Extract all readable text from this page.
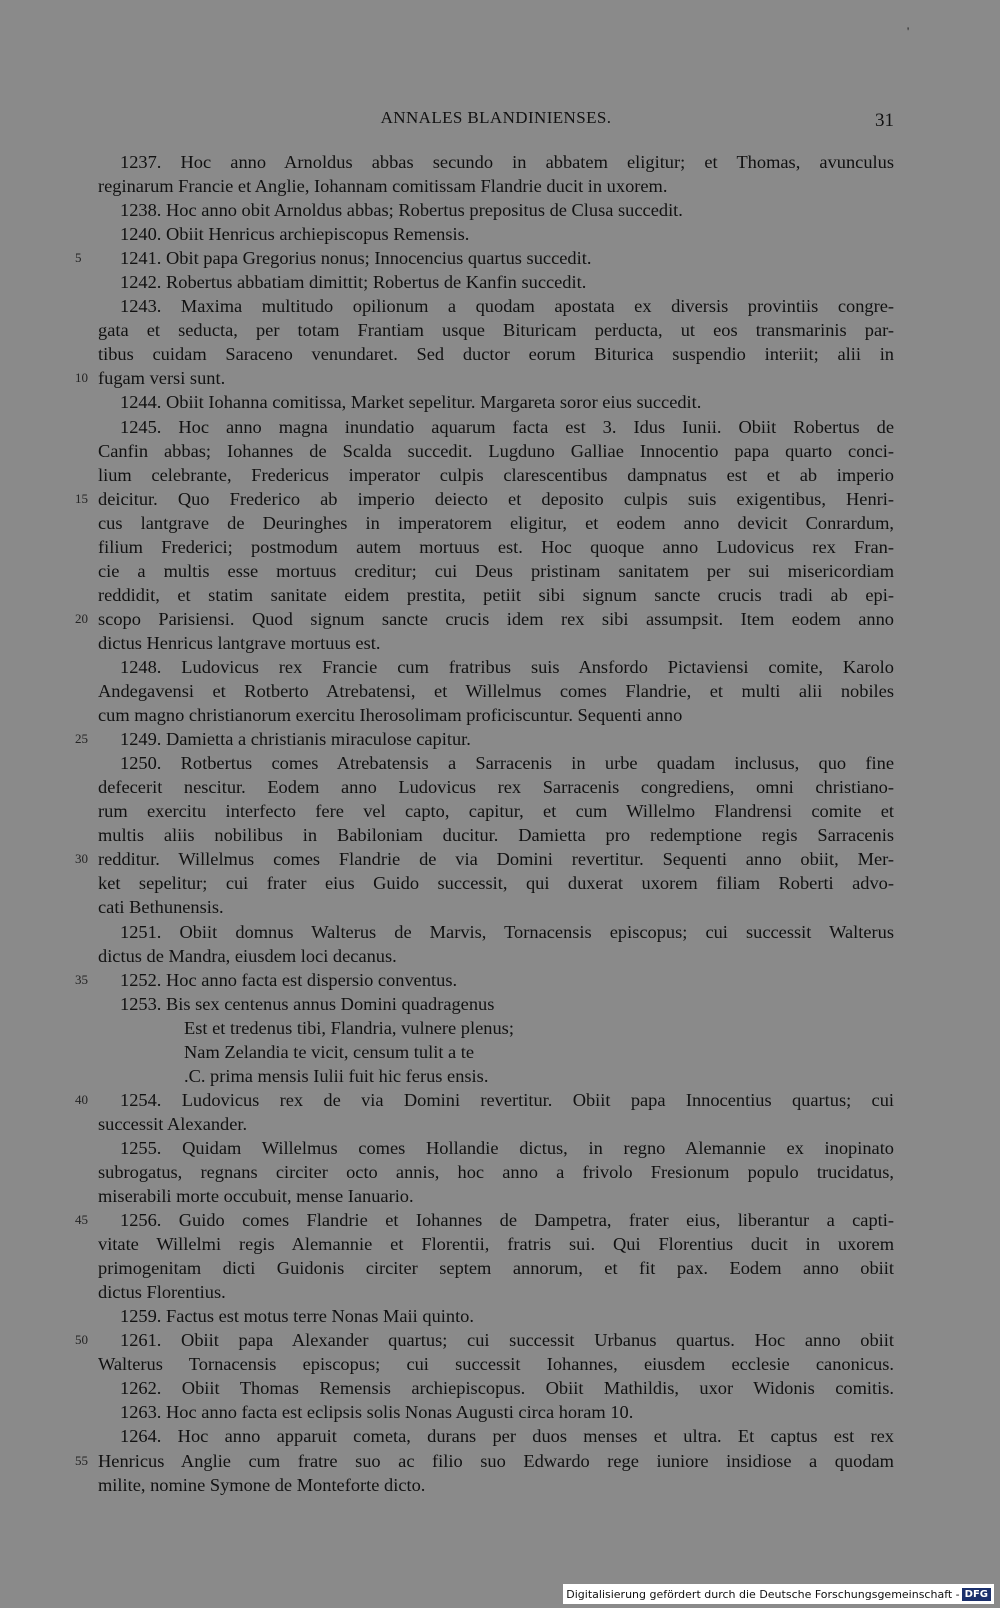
'
ANNALES BLANDINIENSES.	31
1237. Hoc anno Arnoldus abbas secundo in abbatem eligitur; et Thomas, avunculus
reginarum Francie et Anglie, Iohannam comitissam Flandrie ducit in uxorem.
1238. Hoc anno obit Arnoldus abbas; Robertus prepositus de Clusa succedit.
1240. Obiit Henricus archiepiscopus Remensis.
5 1241. Obit papa Gregorius nonus; Innocencius quartus succedit.
1242. Robertus abbatiam dimittit; Robertus de Kanfin succedit.
1243. Maxima multitudo opilionum a quodam apostata ex diversis provintiis congre-
gata et seducta, per totam Frantiam usque Bituricam perducta, ut eos transmarinis par-
tibus cuidam Saraceno venundaret. Sed ductor eorum Biturica suspendio interiit; alii in
10 fugam versi sunt.
1244. Obiit Iohanna comitissa, Market sepelitur. Margareta soror eius succedit.
1245. Hoc anno magna inundatio aquarum facta est 3. Idus Iunii. Obiit Robertus de
Canfin abbas; Iohannes de Scalda succedit. Lugduno Galliae Innocentio papa quarto conci-
lium celebrante, Fredericus imperator culpis clarescentibus dampnatus est et ab imperio
15 deicitur. Quo Frederico ab imperio deiecto et deposito culpis suis exigentibus, Henri-
cus lantgrave de Deuringhes in imperatorem eligitur, et eodem anno devicit Conrardum,
filium Frederici; postmodum autem mortuus est. Hoc quoque anno Ludovicus rex Fran-
cie a multis esse mortuus creditur; cui Deus pristinam sanitatem per sui misericordiam
reddidit, et statim sanitate eidem prestita, petiit sibi signum sancte crucis tradi ab epi-
20 scopo Parisiensi. Quod signum sancte crucis idem rex sibi assumpsit. Item eodem anno
dictus Henricus lantgrave mortuus est.
1248. Ludovicus rex Francie cum fratribus suis Ansfordo Pictaviensi comite, Karolo
Andegavensi et Rotberto Atrebatensi, et Willelmus comes Flandrie, et multi alii nobiles
cum magno christianorum exercitu Iherosolimam proficiscuntur. Sequenti anno
25 1249. Damietta a christianis miraculose capitur.
1250. Rotbertus comes Atrebatensis a Sarracenis in urbe quadam inclusus, quo fine
defecerit nescitur. Eodem anno Ludovicus rex Sarracenis congrediens, omni christiano-
rum exercitu interfecto fere vel capto, capitur, et cum Willelmo Flandrensi comite et
multis aliis nobilibus in Babiloniam ducitur. Damietta pro redemptione regis Sarracenis
30 redditur. Willelmus comes Flandrie de via Domini revertitur. Sequenti anno obiit, Mer-
ket sepelitur; cui frater eius Guido successit, qui duxerat uxorem filiam Roberti advo-
cati Bethunensis.
1251. Obiit domnus Walterus de Marvis, Tornacensis episcopus; cui successit Walterus
dictus de Mandra, eiusdem loci decanus.
35 1252. Hoc anno facta est dispersio conventus.
1253. Bis sex centenus annus Domini quadragenus
Est et tredenus tibi, Flandria, vulnere plenus;
Nam Zelandia te vicit, censum tulit a te
.C. prima mensis Iulii fuit hic ferus ensis.
40 1254. Ludovicus rex de via Domini revertitur. Obiit papa Innocentius quartus; cui
successit Alexander.
1255. Quidam Willelmus comes Hollandie dictus, in regno Alemannie ex inopinato
subrogatus, regnans circiter octo annis, hoc anno a frivolo Fresionum populo trucidatus,
miserabili morte occubuit, mense Ianuario.
45 1256. Guido comes Flandrie et Iohannes de Dampetra, frater eius, liberantur a capti-
vitate Willelmi regis Alemannie et Florentii, fratris sui. Qui Florentius ducit in uxorem
primogenitam dicti Guidonis circiter septem annorum, et fit pax. Eodem anno obiit
dictus Florentius.
1259. Factus est motus terre Nonas Maii quinto.
50 1261. Obiit papa Alexander quartus; cui successit Urbanus quartus. Hoc anno obiit
Walterus Tornacensis episcopus; cui successit Iohannes, eiusdem ecclesie canonicus.
1262. Obiit Thomas Remensis archiepiscopus. Obiit Mathildis, uxor Widonis comitis.
1263. Hoc anno facta est eclipsis solis Nonas Augusti circa horam 10.
1264. Hoc anno apparuit cometa, durans per duos menses et ultra. Et captus est rex
55 Henricus Anglie cum fratre suo ac filio suo Edwardo rege iuniore insidiose a quodam
milite, nomine Symone de Monteforte dicto.
Digitalisierung gefördert durch die Deutsche Forschungsgemeinschaft - DFG
